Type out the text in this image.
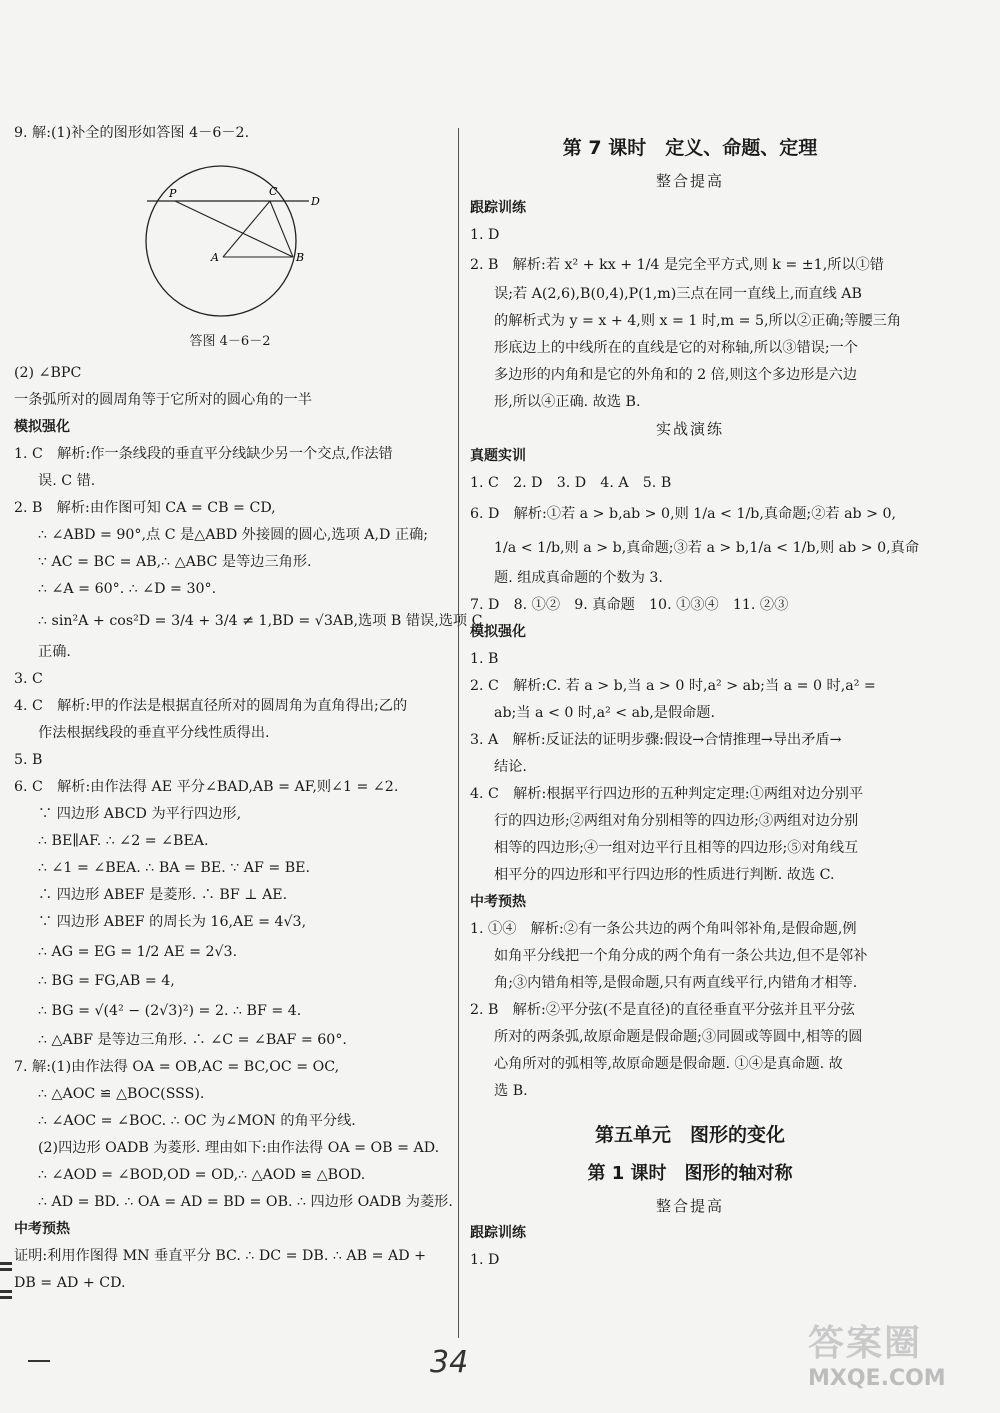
9. 解:(1)补全的图形如答图 4－6－2.
P	C
D
A	B
答图 4－6－2
(2) ∠BPC
一条弧所对的圆周角等于它所对的圆心角的一半
模拟强化
1. C　解析:作一条线段的垂直平分线缺少另一个交点,作法错
误. C 错.
2. B　解析:由作图可知 CA = CB = CD,
∴ ∠ABD = 90°,点 C 是△ABD 外接圆的圆心,选项 A,D 正确;
∵ AC = BC = AB,∴ △ABC 是等边三角形.
∴ ∠A = 60°. ∴ ∠D = 30°.
∴ sin²A + cos²D = 3/4 + 3/4 ≠ 1,BD = √3AB,选项 B 错误,选项 C
正确.
3. C
4. C　解析:甲的作法是根据直径所对的圆周角为直角得出;乙的
作法根据线段的垂直平分线性质得出.
5. B
6. C　解析:由作法得 AE 平分∠BAD,AB = AF,则∠1 = ∠2.
∵ 四边形 ABCD 为平行四边形,
∴ BE∥AF. ∴ ∠2 = ∠BEA.
∴ ∠1 = ∠BEA. ∴ BA = BE. ∵ AF = BE.
∴ 四边形 ABEF 是菱形. ∴ BF ⊥ AE.
∵ 四边形 ABEF 的周长为 16,AE = 4√3,
∴ AG = EG = 1/2 AE = 2√3.
∴ BG = FG,AB = 4,
∴ BG = √(4² − (2√3)²) = 2. ∴ BF = 4.
∴ △ABF 是等边三角形. ∴ ∠C = ∠BAF = 60°.
7. 解:(1)由作法得 OA = OB,AC = BC,OC = OC,
∴ △AOC ≌ △BOC(SSS).
∴ ∠AOC = ∠BOC. ∴ OC 为∠MON 的角平分线.
(2)四边形 OADB 为菱形. 理由如下:由作法得 OA = OB = AD.
∴ ∠AOD = ∠BOD,OD = OD,∴ △AOD ≌ △BOD.
∴ AD = BD. ∴ OA = AD = BD = OB. ∴ 四边形 OADB 为菱形.
中考预热
证明:利用作图得 MN 垂直平分 BC. ∴ DC = DB. ∴ AB = AD +
DB = AD + CD.
第 7 课时　定义、命题、定理
整合提高
跟踪训练
1. D
2. B　解析:若 x² + kx + 1/4 是完全平方式,则 k = ±1,所以①错
误;若 A(2,6),B(0,4),P(1,m)三点在同一直线上,而直线 AB
的解析式为 y = x + 4,则 x = 1 时,m = 5,所以②正确;等腰三角
形底边上的中线所在的直线是它的对称轴,所以③错误;一个
多边形的内角和是它的外角和的 2 倍,则这个多边形是六边
形,所以④正确. 故选 B.
实战演练
真题实训
1. C　2. D　3. D　4. A　5. B
6. D　解析:①若 a > b,ab > 0,则 1/a < 1/b,真命题;②若 ab > 0,
1/a < 1/b,则 a > b,真命题;③若 a > b,1/a < 1/b,则 ab > 0,真命
题. 组成真命题的个数为 3.
7. D　8. ①②　9. 真命题　10. ①③④　11. ②③
模拟强化
1. B
2. C　解析:C. 若 a > b,当 a > 0 时,a² > ab;当 a = 0 时,a² =
ab;当 a < 0 时,a² < ab,是假命题.
3. A　解析:反证法的证明步骤:假设→合情推理→导出矛盾→
结论.
4. C　解析:根据平行四边形的五种判定定理:①两组对边分别平
行的四边形;②两组对角分别相等的四边形;③两组对边分别
相等的四边形;④一组对边平行且相等的四边形;⑤对角线互
相平分的四边形和平行四边形的性质进行判断. 故选 C.
中考预热
1. ①④　解析:②有一条公共边的两个角叫邻补角,是假命题,例
如角平分线把一个角分成的两个角有一条公共边,但不是邻补
角;③内错角相等,是假命题,只有两直线平行,内错角才相等.
2. B　解析:②平分弦(不是直径)的直径垂直平分弦并且平分弦
所对的两条弧,故原命题是假命题;③同圆或等圆中,相等的圆
心角所对的弧相等,故原命题是假命题. ①④是真命题. 故
选 B.
第五单元　图形的变化
第 1 课时　图形的轴对称
整合提高
跟踪训练
1. D
34	答案圈
MXQE.COM
